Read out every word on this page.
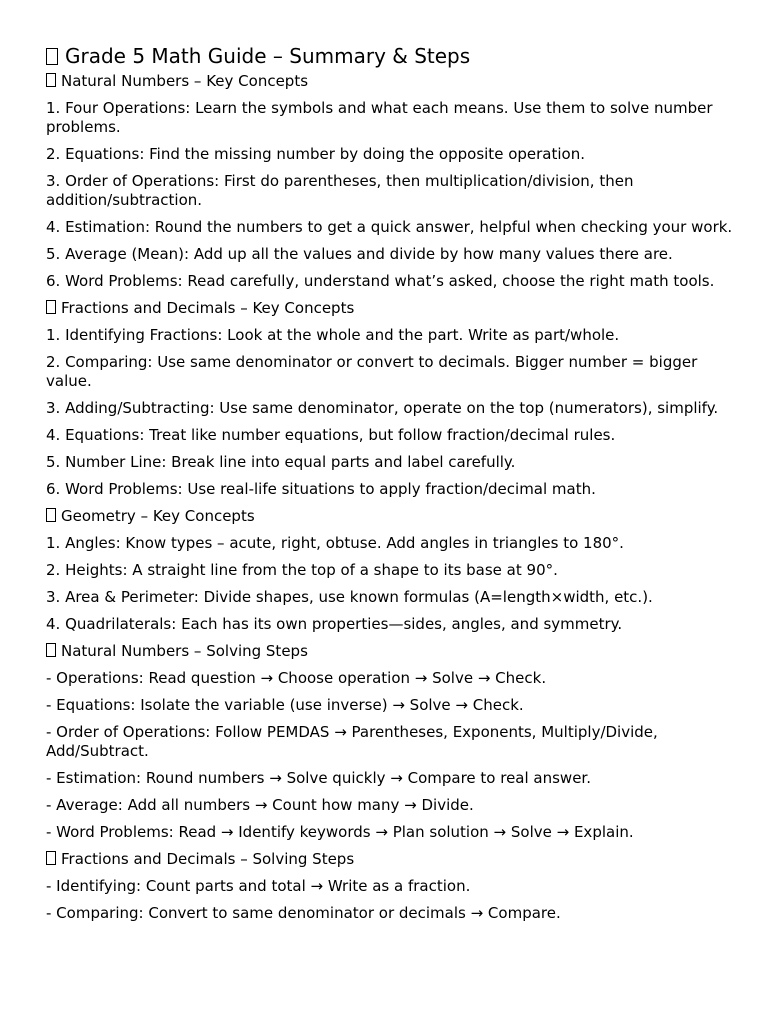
Grade 5 Math Guide – Summary & Steps
Natural Numbers – Key Concepts
1. Four Operations: Learn the symbols and what each means. Use them to solve number problems.
2. Equations: Find the missing number by doing the opposite operation.
3. Order of Operations: First do parentheses, then multiplication/division, then addition/subtraction.
4. Estimation: Round the numbers to get a quick answer, helpful when checking your work.
5. Average (Mean): Add up all the values and divide by how many values there are.
6. Word Problems: Read carefully, understand what’s asked, choose the right math tools.
Fractions and Decimals – Key Concepts
1. Identifying Fractions: Look at the whole and the part. Write as part/whole.
2. Comparing: Use same denominator or convert to decimals. Bigger number = bigger value.
3. Adding/Subtracting: Use same denominator, operate on the top (numerators), simplify.
4. Equations: Treat like number equations, but follow fraction/decimal rules.
5. Number Line: Break line into equal parts and label carefully.
6. Word Problems: Use real-life situations to apply fraction/decimal math.
Geometry – Key Concepts
1. Angles: Know types – acute, right, obtuse. Add angles in triangles to 180°.
2. Heights: A straight line from the top of a shape to its base at 90°.
3. Area & Perimeter: Divide shapes, use known formulas (A=length×width, etc.).
4. Quadrilaterals: Each has its own properties—sides, angles, and symmetry.
Natural Numbers – Solving Steps
- Operations: Read question → Choose operation → Solve → Check.
- Equations: Isolate the variable (use inverse) → Solve → Check.
- Order of Operations: Follow PEMDAS → Parentheses, Exponents, Multiply/Divide, Add/Subtract.
- Estimation: Round numbers → Solve quickly → Compare to real answer.
- Average: Add all numbers → Count how many → Divide.
- Word Problems: Read → Identify keywords → Plan solution → Solve → Explain.
Fractions and Decimals – Solving Steps
- Identifying: Count parts and total → Write as a fraction.
- Comparing: Convert to same denominator or decimals → Compare.
